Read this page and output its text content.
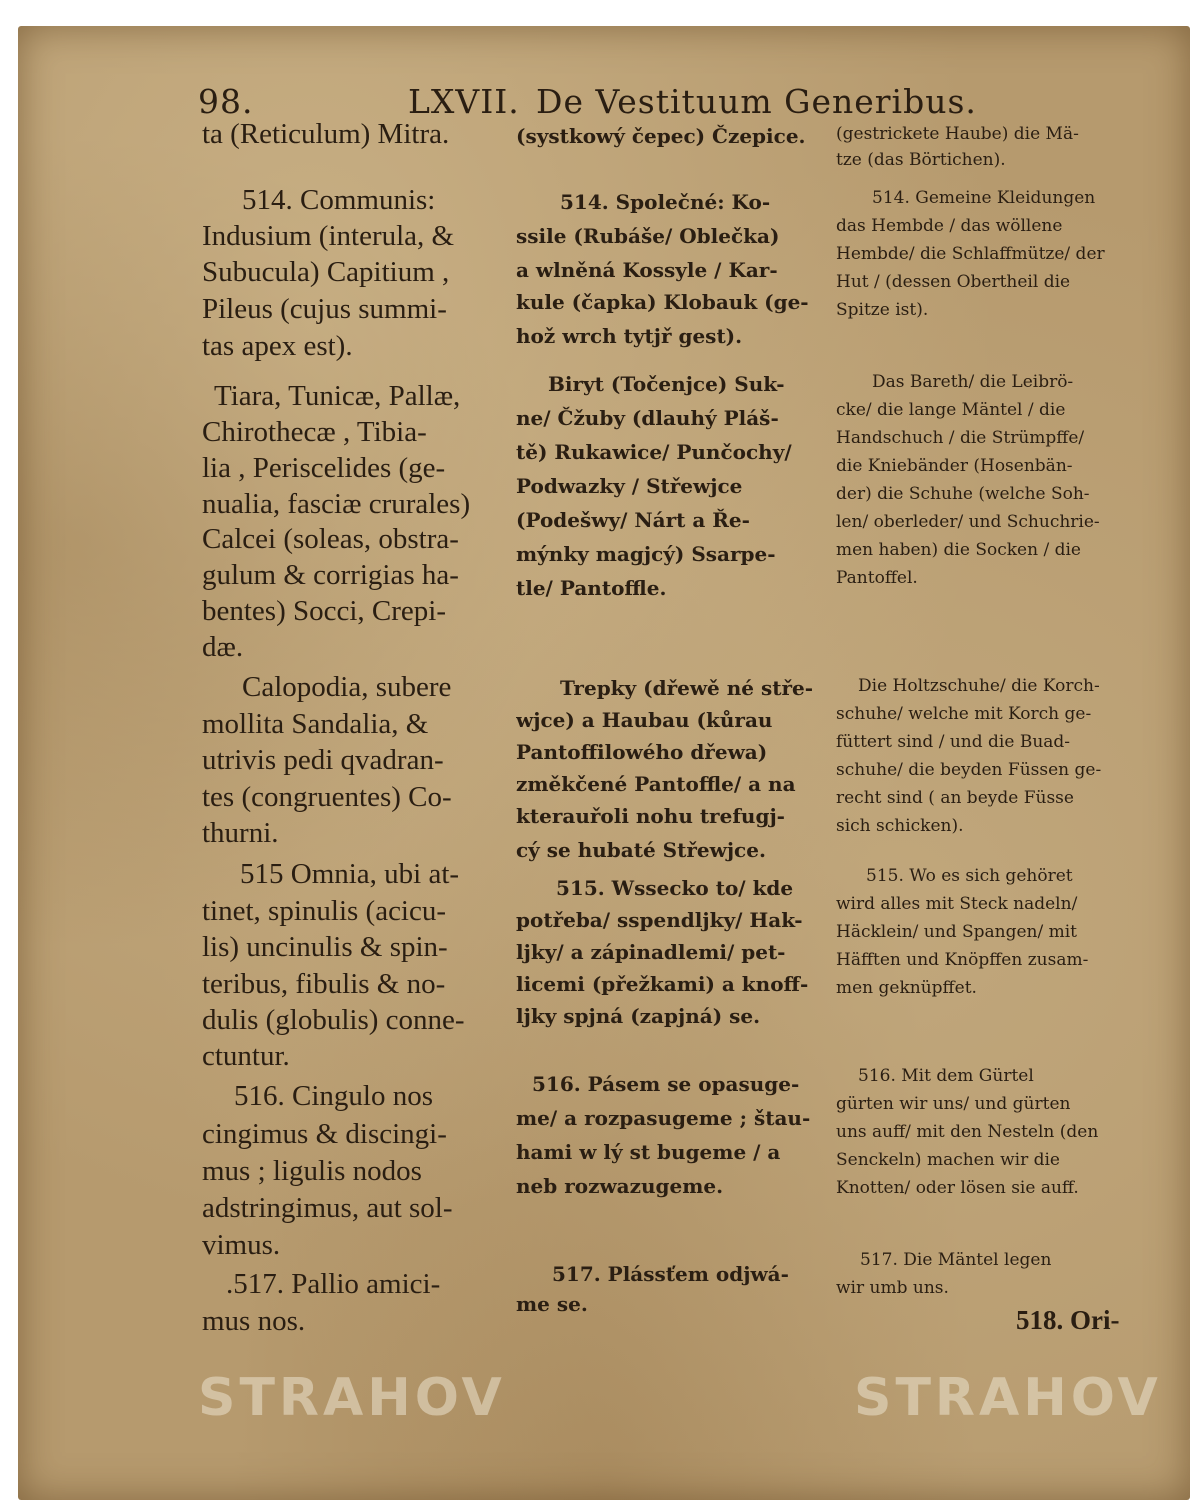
98.	LXVII. De Vestituum Generibus.
ta (Reticulum) Mitra.
514. Communis:
Indusium (interula, &
Subucula) Capitium ,
Pileus (cujus summi-
tas apex est).
Tiara, Tunicæ, Pallæ,
Chirothecæ , Tibia-
lia , Periscelides (ge-
nualia, fasciæ crurales)
Calcei (soleas, obstra-
gulum & corrigias ha-
bentes) Socci, Crepi-
dæ.
Calopodia, subere
mollita Sandalia, &
utrivis pedi qvadran-
tes (congruentes) Co-
thurni.
515 Omnia, ubi at-
tinet, spinulis (acicu-
lis) uncinulis & spin-
teribus, fibulis & no-
dulis (globulis) conne-
ctuntur.
516. Cingulo nos
cingimus & discingi-
mus ; ligulis nodos
adstringimus, aut sol-
vimus.
.517. Pallio amici-
mus nos.
(systkowý čepec) Čzepice.
514. Společné: Ko-
ssile (Rubáše/ Oblečka)
a wlněná Kossyle / Kar-
kule (čapka) Klobauk (ge-
hož wrch tytjř gest).
Biryt (Točenjce) Suk-
ne/ Čžuby (dlauhý Pláš-
tě) Rukawice/ Punčochy/
Podwazky / Střewjce
(Podešwy/ Nárt a Ře-
mýnky magjcý) Ssarpe-
tle/ Pantoffle.
Trepky (dřewě né stře-
wjce) a Haubau (kůrau
Pantoffilowého dřewa)
změkčené Pantoffle/ a na
kterauřoli nohu trefugj-
cý se hubaté Střewjce.
515. Wssecko to/ kde
potřeba/ sspendljky/ Hak-
ljky/ a zápinadlemi/ pet-
licemi (přežkami) a knoff-
ljky spjná (zapjná) se.
516. Pásem se opasuge-
me/ a rozpasugeme ; štau-
hami w lý st bugeme / a
neb rozwazugeme.
517. Plássťem odjwá-
me se.
(gestrickete Haube) die Mä-
tze (das Börtichen).
514. Gemeine Kleidungen
das Hembde / das wöllene
Hembde/ die Schlaffmütze/ der
Hut / (dessen Obertheil die
Spitze ist).
Das Bareth/ die Leibrö-
cke/ die lange Mäntel / die
Handschuch / die Strümpffe/
die Kniebänder (Hosenbän-
der) die Schuhe (welche Soh-
len/ oberleder/ und Schuchrie-
men haben) die Socken / die
Pantoffel.
Die Holtzschuhe/ die Korch-
schuhe/ welche mit Korch ge-
füttert sind / und die Buad-
schuhe/ die beyden Füssen ge-
recht sind ( an beyde Füsse
sich schicken).
515. Wo es sich gehöret
wird alles mit Steck nadeln/
Häcklein/ und Spangen/ mit
Häfften und Knöpffen zusam-
men geknüpffet.
516. Mit dem Gürtel
gürten wir uns/ und gürten
uns auff/ mit den Nesteln (den
Senckeln) machen wir die
Knotten/ oder lösen sie auff.
517. Die Mäntel legen
wir umb uns.
518. Ori-
STRAHOV	STRAHOV
